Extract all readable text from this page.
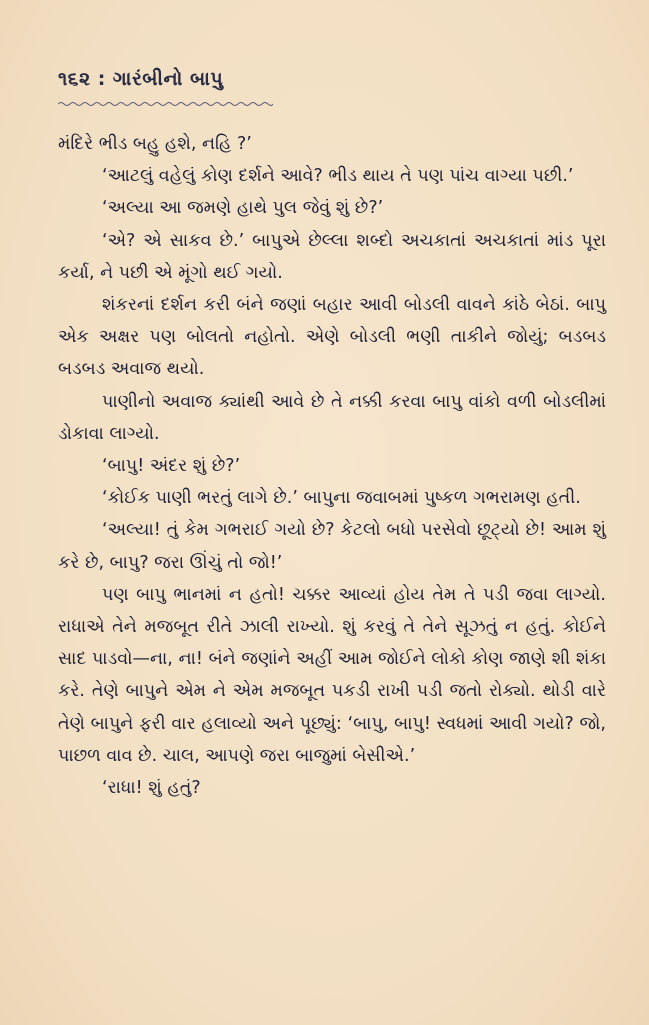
૧૬૨ : ગારંબીનો બાપુ

મંદિરે ભીડ બહુ હશે, નહિ ?’

‘આટલું વહેલું કોણ દર્શને આવે? ભીડ થાય તે પણ પાંચ વાગ્યા પછી.’

‘અલ્યા આ જમણે હાથે પુલ જેવું શું છે?’

‘એ? એ સાકવ છે.’ બાપુએ છેલ્લા શબ્દો અચકાતાં અચકાતાં માંડ પૂરા કર્યા, ને પછી એ મૂંગો થઈ ગયો.

શંકરનાં દર્શન કરી બંને જણાં બહાર આવી બોડલી વાવને કાંઠે બેઠાં. બાપુ એક અક્ષર પણ બોલતો નહોતો. એણે બોડલી ભણી તાકીને જોયું; બડબડ બડબડ અવાજ થયો.

પાણીનો અવાજ ક્યાંથી આવે છે તે નક્કી કરવા બાપુ વાંકો વળી બોડલીમાં ડોકાવા લાગ્યો.

‘બાપુ! અંદર શું છે?’

‘કોઈક પાણી ભરતું લાગે છે.’ બાપુના જવાબમાં પુષ્કળ ગભરામણ હતી.

‘અલ્યા! તું કેમ ગભરાઈ ગયો છે? કેટલો બધો પરસેવો છૂટ્યો છે! આમ શું કરે છે, બાપુ? જરા ઊંચું તો જો!’

પણ બાપુ ભાનમાં ન હતો! ચક્કર આવ્યાં હોય તેમ તે પડી જવા લાગ્યો. રાધાએ તેને મજબૂત રીતે ઝાલી રાખ્યો. શું કરવું તે તેને સૂઝતું ન હતું. કોઈને સાદ પાડવો—ના, ના! બંને જણાંને અહીં આમ જોઈને લોકો કોણ જાણે શી શંકા કરે. તેણે બાપુને એમ ને એમ મજબૂત પકડી રાખી પડી જતો રોક્યો. થોડી વારે તેણે બાપુને ફરી વાર હલાવ્યો અને પૂછ્યું: ‘બાપુ, બાપુ! સ્વધમાં આવી ગયો? જો, પાછળ વાવ છે. ચાલ, આપણે જરા બાજુમાં બેસીએ.’

‘રાધા! શું હતું?
